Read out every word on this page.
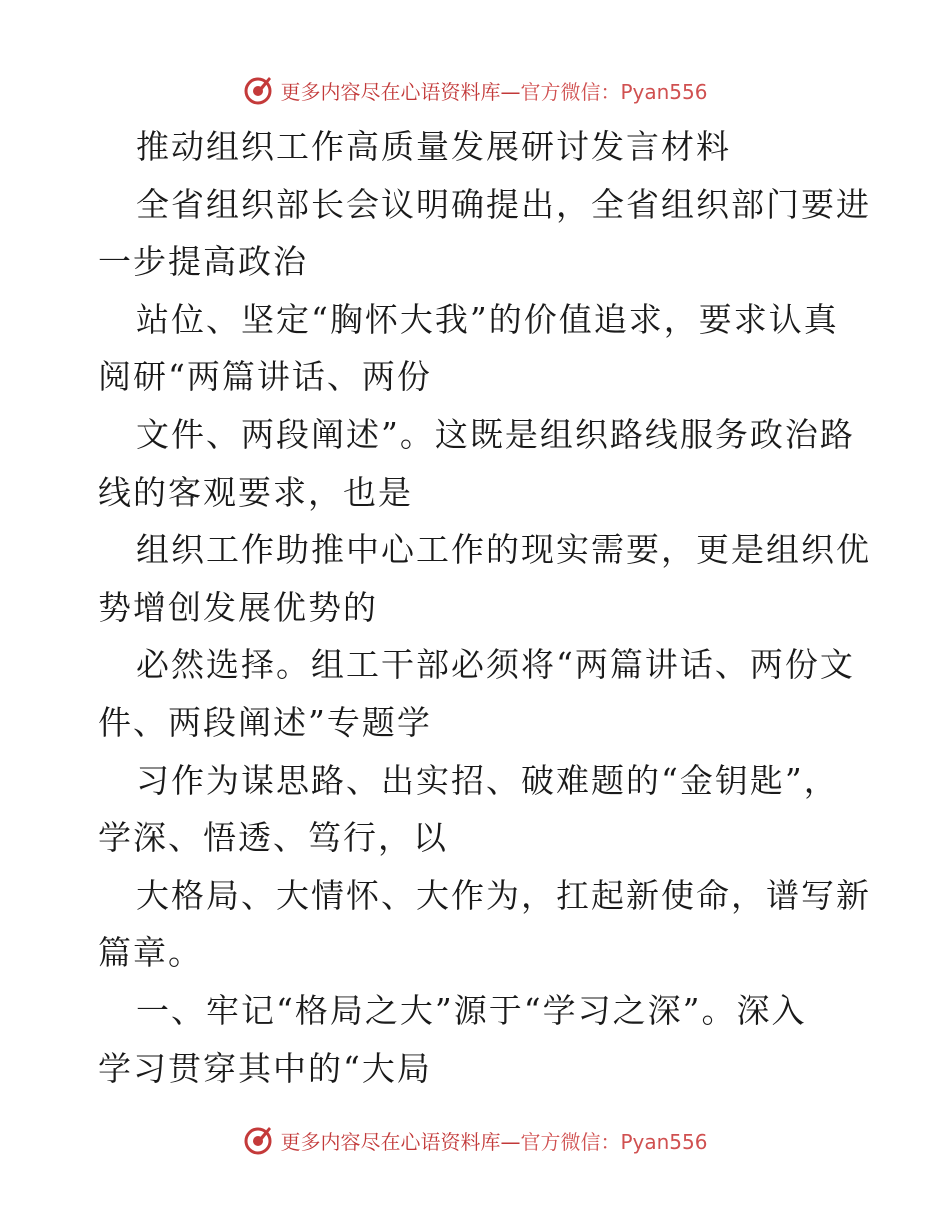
更多内容尽在心语资料库— 官方微信：Pyan556
推动组织工作高质量发展研讨发言材料
全省组织部长会议明确提出，全省组织部门要进
一步提高政治
站位、坚定“胸怀大我”的价值追求，要求认真
阅研“两篇讲话、两份
文件、两段阐述”。这既是组织路线服务政治路
线的客观要求，也是
组织工作助推中心工作的现实需要，更是组织优
势增创发展优势的
必然选择。组工干部必须将“两篇讲话、两份文
件、两段阐述”专题学
习作为谋思路、出实招、破难题的“金钥匙”，
学深、悟透、笃行，以
大格局、大情怀、大作为，扛起新使命，谱写新
篇章。
一、牢记“格局之大”源于“学习之深”。深入
学习贯穿其中的“大局
更多内容尽在心语资料库— 官方微信：Pyan556
